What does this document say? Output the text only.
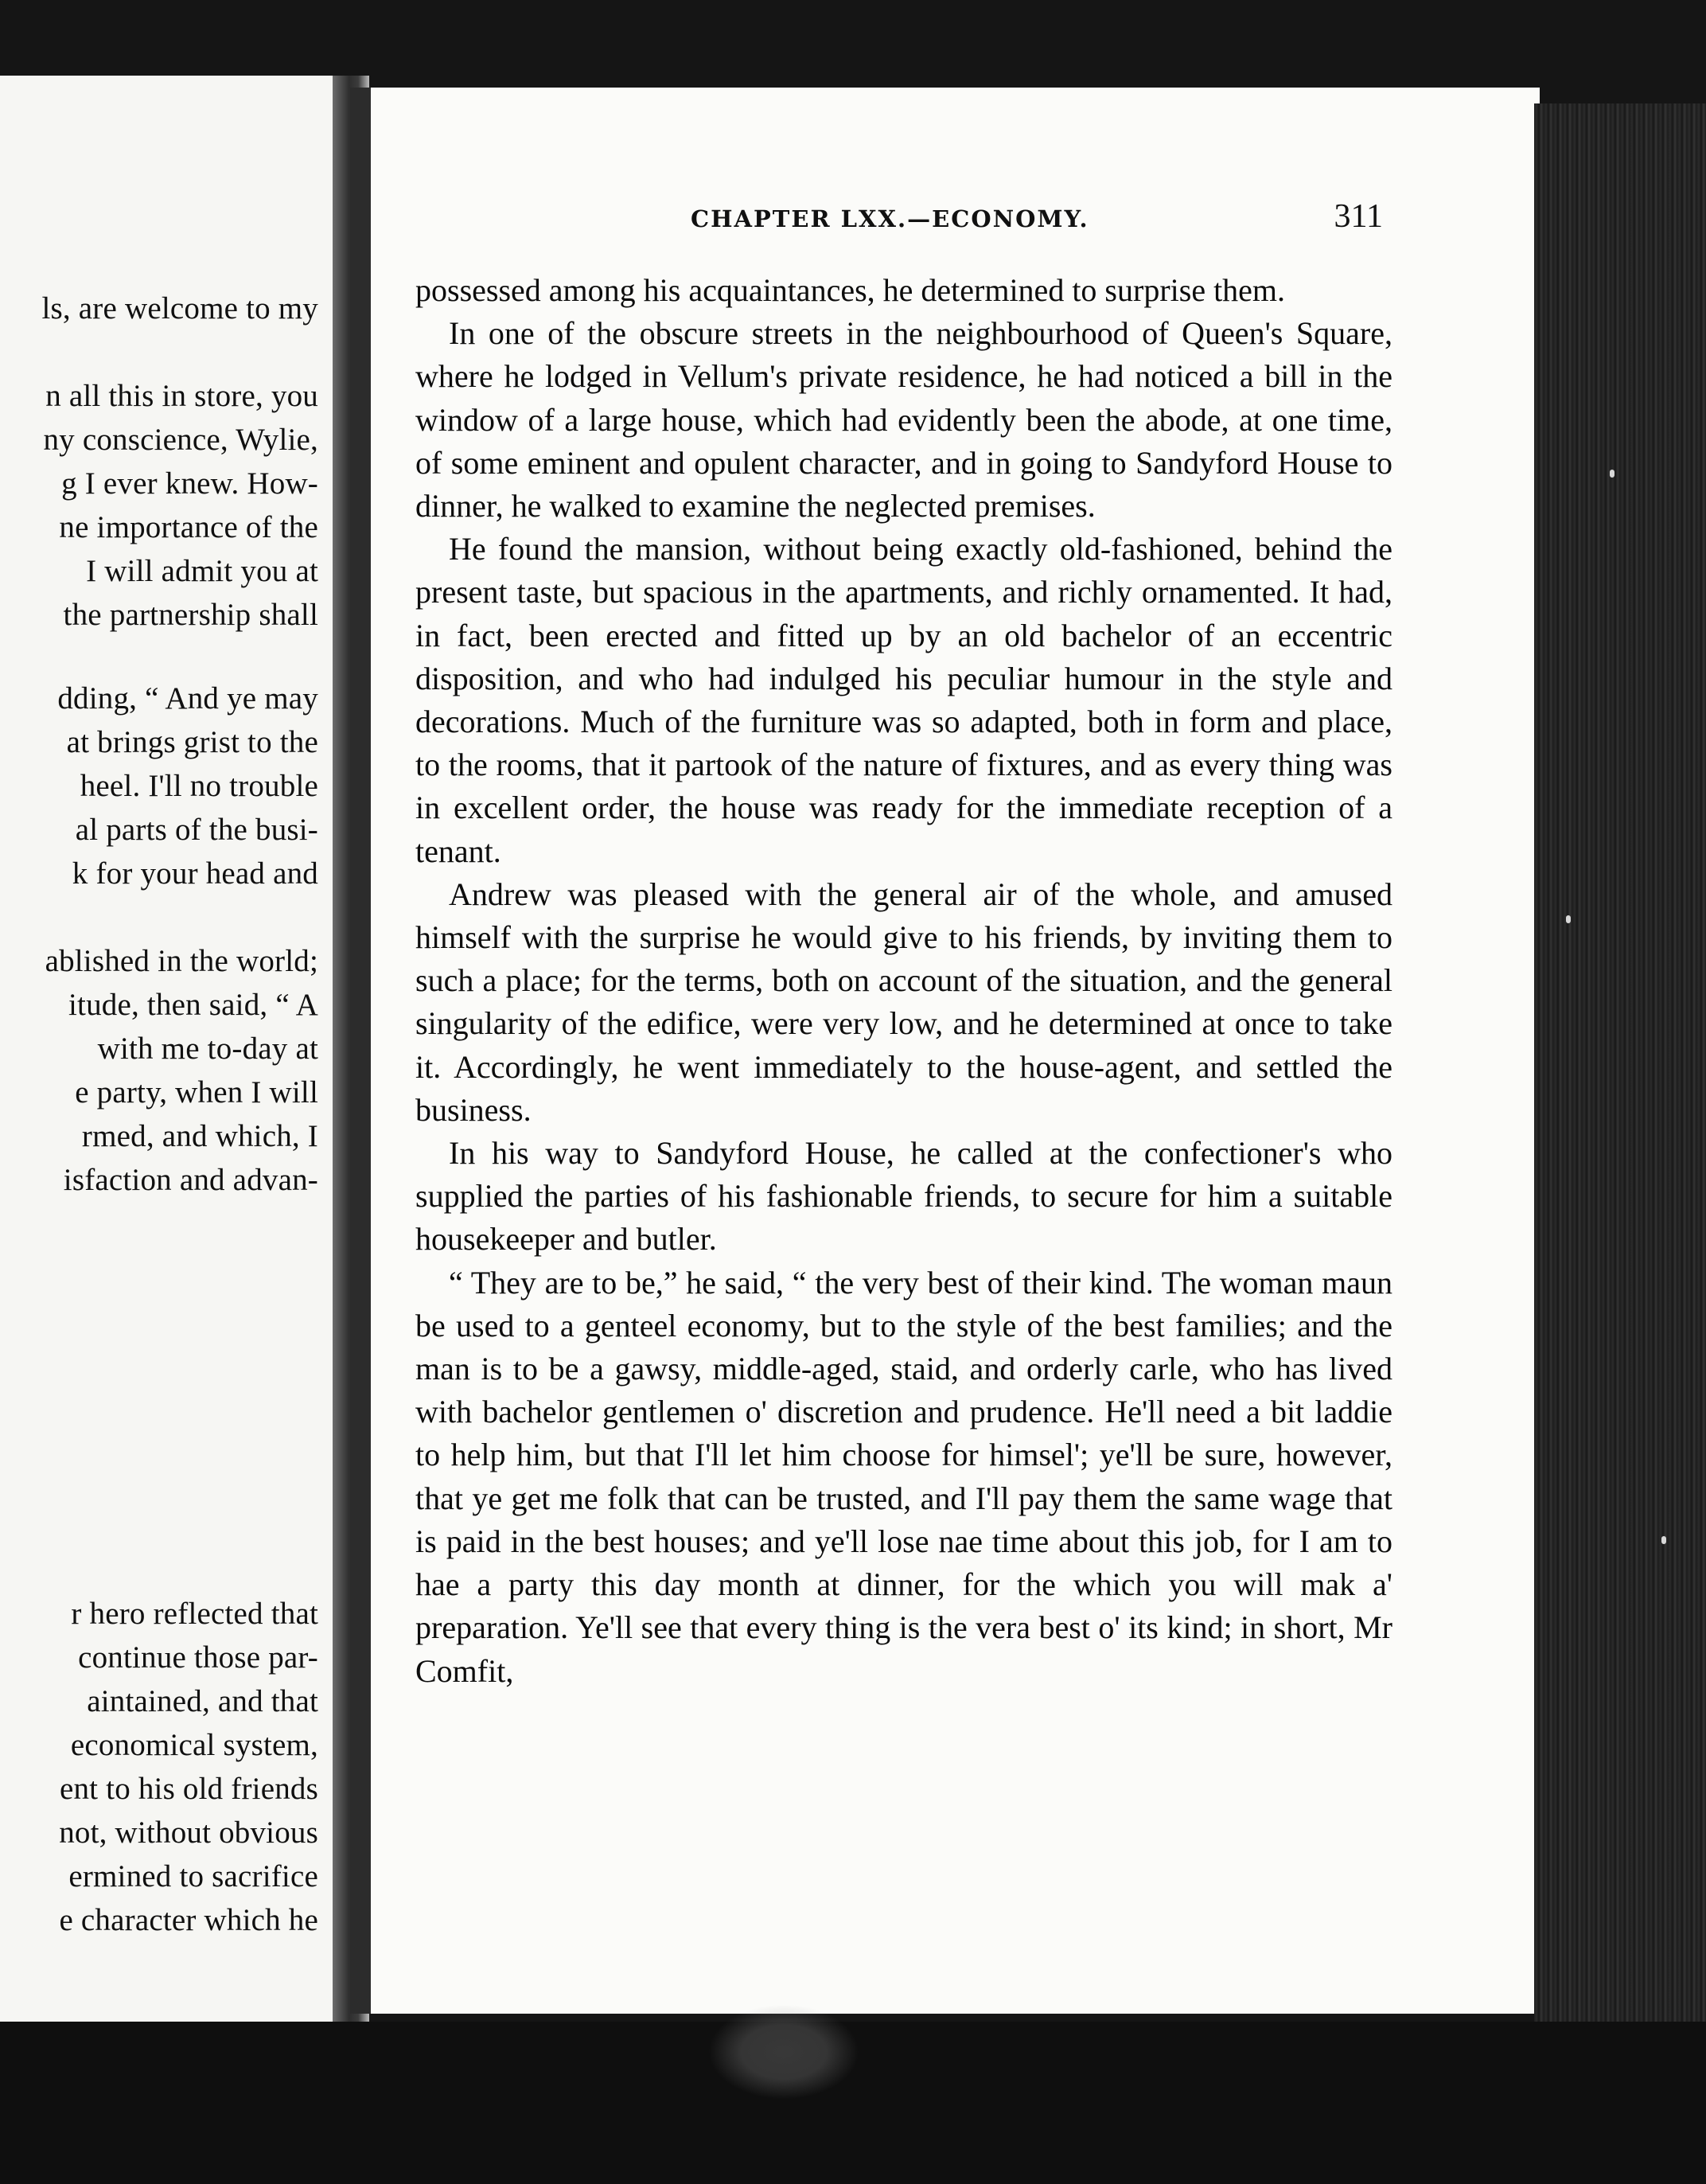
ls, are welcome to my
n all this in store, you
ny conscience, Wylie,
g I ever knew. How-
ne importance of the
I will admit you at
the partnership shall
dding, “ And ye may
at brings grist to the
heel. I'll no trouble
al parts of the busi-
k for your head and
ablished in the world;
itude, then said, “ A
with me to-day at
e party, when I will
rmed, and which, I
isfaction and advan-
r hero reflected that
continue those par-
aintained, and that
economical system,
ent to his old friends
not, without obvious
ermined to sacrifice
e character which he
CHAPTER LXX.—ECONOMY.	311

possessed among his acquaintances, he determined to surprise them.

In one of the obscure streets in the neighbourhood of Queen's Square, where he lodged in Vellum's private residence, he had noticed a bill in the window of a large house, which had evidently been the abode, at one time, of some eminent and opulent character, and in going to Sandyford House to dinner, he walked to examine the neglected premises.

He found the mansion, without being exactly old-fashioned, behind the present taste, but spacious in the apartments, and richly ornamented. It had, in fact, been erected and fitted up by an old bachelor of an eccentric disposition, and who had indulged his peculiar humour in the style and decorations. Much of the furniture was so adapted, both in form and place, to the rooms, that it partook of the nature of fixtures, and as every thing was in excellent order, the house was ready for the immediate reception of a tenant.

Andrew was pleased with the general air of the whole, and amused himself with the surprise he would give to his friends, by inviting them to such a place; for the terms, both on account of the situation, and the general singularity of the edifice, were very low, and he determined at once to take it. Accordingly, he went immediately to the house-agent, and settled the business.

In his way to Sandyford House, he called at the confectioner's who supplied the parties of his fashionable friends, to secure for him a suitable housekeeper and butler.

“ They are to be,” he said, “ the very best of their kind. The woman maun be used to a genteel economy, but to the style of the best families; and the man is to be a gawsy, middle-aged, staid, and orderly carle, who has lived with bachelor gentlemen o' discretion and prudence. He'll need a bit laddie to help him, but that I'll let him choose for himsel'; ye'll be sure, however, that ye get me folk that can be trusted, and I'll pay them the same wage that is paid in the best houses; and ye'll lose nae time about this job, for I am to hae a party this day month at dinner, for the which you will mak a' preparation. Ye'll see that every thing is the vera best o' its kind; in short, Mr Comfit,
